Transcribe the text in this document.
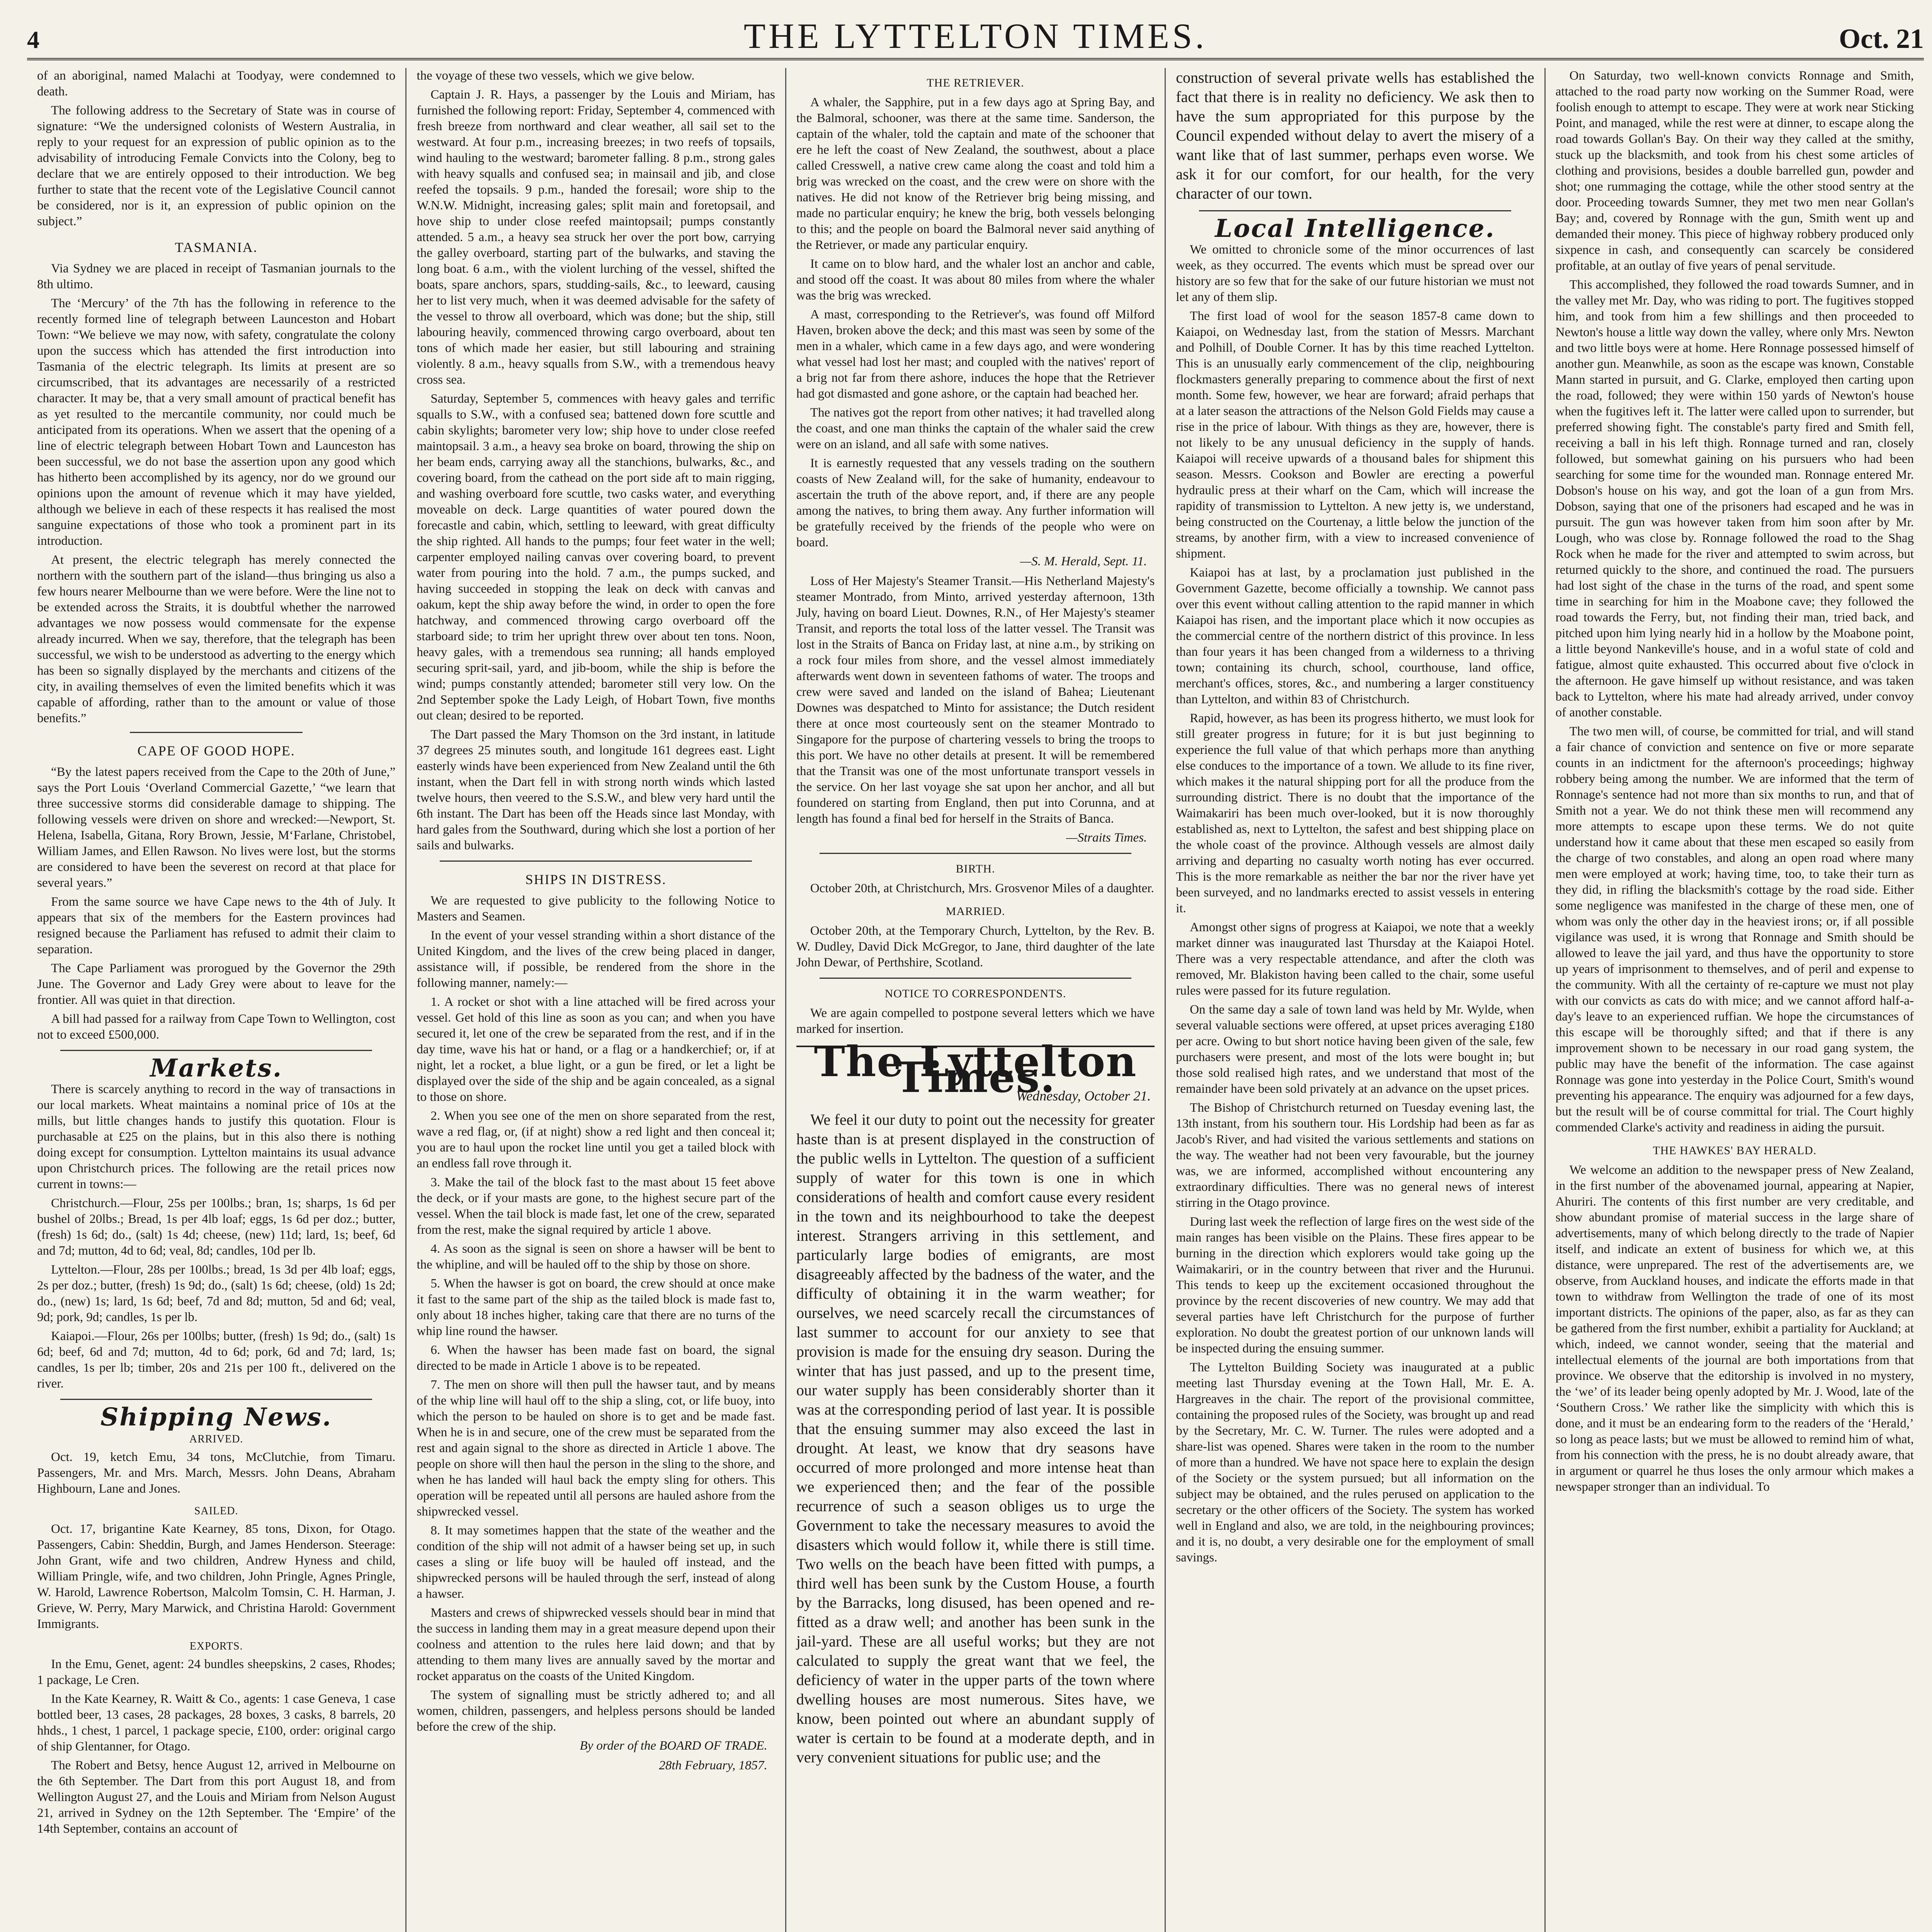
4	THE LYTTELTON TIMES.	Oct. 21

of an aboriginal, named Malachi at Toodyay, were condemned to death.

The following address to the Secretary of State was in course of signature: “We the undersigned colonists of Western Australia, in reply to your request for an expression of public opinion as to the advisability of introducing Female Convicts into the Colony, beg to declare that we are entirely opposed to their introduction. We beg further to state that the recent vote of the Legislative Council cannot be considered, nor is it, an expression of public opinion on the subject.”

TASMANIA.

Via Sydney we are placed in receipt of Tasmanian journals to the 8th ultimo.

The ‘Mercury’ of the 7th has the following in reference to the recently formed line of telegraph between Launceston and Hobart Town: “We believe we may now, with safety, congratulate the colony upon the success which has attended the first introduction into Tasmania of the electric telegraph. Its limits at present are so circumscribed, that its advantages are necessarily of a restricted character. It may be, that a very small amount of practical benefit has as yet resulted to the mercantile community, nor could much be anticipated from its operations. When we assert that the opening of a line of electric telegraph between Hobart Town and Launceston has been successful, we do not base the assertion upon any good which has hitherto been accomplished by its agency, nor do we ground our opinions upon the amount of revenue which it may have yielded, although we believe in each of these respects it has realised the most sanguine expectations of those who took a prominent part in its introduction.

At present, the electric telegraph has merely connected the northern with the southern part of the island—thus bringing us also a few hours nearer Melbourne than we were before. Were the line not to be extended across the Straits, it is doubtful whether the narrowed advantages we now possess would commensate for the expense already incurred. When we say, therefore, that the telegraph has been successful, we wish to be understood as adverting to the energy which has been so signally displayed by the merchants and citizens of the city, in availing themselves of even the limited benefits which it was capable of affording, rather than to the amount or value of those benefits.”

CAPE OF GOOD HOPE.

“By the latest papers received from the Cape to the 20th of June,” says the Port Louis ‘Overland Commercial Gazette,’ “we learn that three successive storms did considerable damage to shipping. The following vessels were driven on shore and wrecked:—Newport, St. Helena, Isabella, Gitana, Rory Brown, Jessie, M‘Farlane, Christobel, William James, and Ellen Rawson. No lives were lost, but the storms are considered to have been the severest on record at that place for several years.”

From the same source we have Cape news to the 4th of July. It appears that six of the members for the Eastern provinces had resigned because the Parliament has refused to admit their claim to separation.

The Cape Parliament was prorogued by the Governor the 29th June. The Governor and Lady Grey were about to leave for the frontier. All was quiet in that direction.

A bill had passed for a railway from Cape Town to Wellington, cost not to exceed £500,000.

Markets.

There is scarcely anything to record in the way of transactions in our local markets. Wheat maintains a nominal price of 10s at the mills, but little changes hands to justify this quotation. Flour is purchasable at £25 on the plains, but in this also there is nothing doing except for consumption. Lyttelton maintains its usual advance upon Christchurch prices. The following are the retail prices now current in towns:—

Christchurch.—Flour, 25s per 100lbs.; bran, 1s; sharps, 1s 6d per bushel of 20lbs.; Bread, 1s per 4lb loaf; eggs, 1s 6d per doz.; butter, (fresh) 1s 6d; do., (salt) 1s 4d; cheese, (new) 11d; lard, 1s; beef, 6d and 7d; mutton, 4d to 6d; veal, 8d; candles, 10d per lb.

Lyttelton.—Flour, 28s per 100lbs.; bread, 1s 3d per 4lb loaf; eggs, 2s per doz.; butter, (fresh) 1s 9d; do., (salt) 1s 6d; cheese, (old) 1s 2d; do., (new) 1s; lard, 1s 6d; beef, 7d and 8d; mutton, 5d and 6d; veal, 9d; pork, 9d; candles, 1s per lb.

Kaiapoi.—Flour, 26s per 100lbs; butter, (fresh) 1s 9d; do., (salt) 1s 6d; beef, 6d and 7d; mutton, 4d to 6d; pork, 6d and 7d; lard, 1s; candles, 1s per lb; timber, 20s and 21s per 100 ft., delivered on the river.

Shipping News.
ARRIVED.

Oct. 19, ketch Emu, 34 tons, McClutchie, from Timaru. Passengers, Mr. and Mrs. March, Messrs. John Deans, Abraham Highbourn, Lane and Jones.

SAILED.

Oct. 17, brigantine Kate Kearney, 85 tons, Dixon, for Otago. Passengers, Cabin: Sheddin, Burgh, and James Henderson. Steerage: John Grant, wife and two children, Andrew Hyness and child, William Pringle, wife, and two children, John Pringle, Agnes Pringle, W. Harold, Lawrence Robertson, Malcolm Tomsin, C. H. Harman, J. Grieve, W. Perry, Mary Marwick, and Christina Harold: Government Immigrants.

EXPORTS.

In the Emu, Genet, agent: 24 bundles sheepskins, 2 cases, Rhodes; 1 package, Le Cren.

In the Kate Kearney, R. Waitt & Co., agents: 1 case Geneva, 1 case bottled beer, 13 cases, 28 packages, 28 boxes, 3 casks, 8 barrels, 20 hhds., 1 chest, 1 parcel, 1 package specie, £100, order: original cargo of ship Glentanner, for Otago.

The Robert and Betsy, hence August 12, arrived in Melbourne on the 6th September. The Dart from this port August 18, and from Wellington August 27, and the Louis and Miriam from Nelson August 21, arrived in Sydney on the 12th September. The ‘Empire’ of the 14th September, contains an account of

the voyage of these two vessels, which we give below.

Captain J. R. Hays, a passenger by the Louis and Miriam, has furnished the following report: Friday, September 4, commenced with fresh breeze from northward and clear weather, all sail set to the westward. At four p.m., increasing breezes; in two reefs of topsails, wind hauling to the westward; barometer falling. 8 p.m., strong gales with heavy squalls and confused sea; in mainsail and jib, and close reefed the topsails. 9 p.m., handed the foresail; wore ship to the W.N.W. Midnight, increasing gales; split main and foretopsail, and hove ship to under close reefed maintopsail; pumps constantly attended. 5 a.m., a heavy sea struck her over the port bow, carrying the galley overboard, starting part of the bulwarks, and staving the long boat. 6 a.m., with the violent lurching of the vessel, shifted the boats, spare anchors, spars, studding-sails, &c., to leeward, causing her to list very much, when it was deemed advisable for the safety of the vessel to throw all overboard, which was done; but the ship, still labouring heavily, commenced throwing cargo overboard, about ten tons of which made her easier, but still labouring and straining violently. 8 a.m., heavy squalls from S.W., with a tremendous heavy cross sea.

Saturday, September 5, commences with heavy gales and terrific squalls to S.W., with a confused sea; battened down fore scuttle and cabin skylights; barometer very low; ship hove to under close reefed maintopsail. 3 a.m., a heavy sea broke on board, throwing the ship on her beam ends, carrying away all the stanchions, bulwarks, &c., and covering board, from the cathead on the port side aft to main rigging, and washing overboard fore scuttle, two casks water, and everything moveable on deck. Large quantities of water poured down the forecastle and cabin, which, settling to leeward, with great difficulty the ship righted. All hands to the pumps; four feet water in the well; carpenter employed nailing canvas over covering board, to prevent water from pouring into the hold. 7 a.m., the pumps sucked, and having succeeded in stopping the leak on deck with canvas and oakum, kept the ship away before the wind, in order to open the fore hatchway, and commenced throwing cargo overboard off the starboard side; to trim her upright threw over about ten tons. Noon, heavy gales, with a tremendous sea running; all hands employed securing sprit-sail, yard, and jib-boom, while the ship is before the wind; pumps constantly attended; barometer still very low. On the 2nd September spoke the Lady Leigh, of Hobart Town, five months out clean; desired to be reported.

The Dart passed the Mary Thomson on the 3rd instant, in latitude 37 degrees 25 minutes south, and longitude 161 degrees east. Light easterly winds have been experienced from New Zealand until the 6th instant, when the Dart fell in with strong north winds which lasted twelve hours, then veered to the S.S.W., and blew very hard until the 6th instant. The Dart has been off the Heads since last Monday, with hard gales from the Southward, during which she lost a portion of her sails and bulwarks.

SHIPS IN DISTRESS.

We are requested to give publicity to the following Notice to Masters and Seamen.

In the event of your vessel stranding within a short distance of the United Kingdom, and the lives of the crew being placed in danger, assistance will, if possible, be rendered from the shore in the following manner, namely:—

1. A rocket or shot with a line attached will be fired across your vessel. Get hold of this line as soon as you can; and when you have secured it, let one of the crew be separated from the rest, and if in the day time, wave his hat or hand, or a flag or a handkerchief; or, if at night, let a rocket, a blue light, or a gun be fired, or let a light be displayed over the side of the ship and be again concealed, as a signal to those on shore.

2. When you see one of the men on shore separated from the rest, wave a red flag, or, (if at night) show a red light and then conceal it; you are to haul upon the rocket line until you get a tailed block with an endless fall rove through it.

3. Make the tail of the block fast to the mast about 15 feet above the deck, or if your masts are gone, to the highest secure part of the vessel. When the tail block is made fast, let one of the crew, separated from the rest, make the signal required by article 1 above.

4. As soon as the signal is seen on shore a hawser will be bent to the whipline, and will be hauled off to the ship by those on shore.

5. When the hawser is got on board, the crew should at once make it fast to the same part of the ship as the tailed block is made fast to, only about 18 inches higher, taking care that there are no turns of the whip line round the hawser.

6. When the hawser has been made fast on board, the signal directed to be made in Article 1 above is to be repeated.

7. The men on shore will then pull the hawser taut, and by means of the whip line will haul off to the ship a sling, cot, or life buoy, into which the person to be hauled on shore is to get and be made fast. When he is in and secure, one of the crew must be separated from the rest and again signal to the shore as directed in Article 1 above. The people on shore will then haul the person in the sling to the shore, and when he has landed will haul back the empty sling for others. This operation will be repeated until all persons are hauled ashore from the shipwrecked vessel.

8. It may sometimes happen that the state of the weather and the condition of the ship will not admit of a hawser being set up, in such cases a sling or life buoy will be hauled off instead, and the shipwrecked persons will be hauled through the serf, instead of along a hawser.

Masters and crews of shipwrecked vessels should bear in mind that the success in landing them may in a great measure depend upon their coolness and attention to the rules here laid down; and that by attending to them many lives are annually saved by the mortar and rocket apparatus on the coasts of the United Kingdom.

The system of signalling must be strictly adhered to; and all women, children, passengers, and helpless persons should be landed before the crew of the ship.

By order of the BOARD OF TRADE.
28th February, 1857.
THE RETRIEVER.

A whaler, the Sapphire, put in a few days ago at Spring Bay, and the Balmoral, schooner, was there at the same time. Sanderson, the captain of the whaler, told the captain and mate of the schooner that ere he left the coast of New Zealand, the southwest, about a place called Cresswell, a native crew came along the coast and told him a brig was wrecked on the coast, and the crew were on shore with the natives. He did not know of the Retriever brig being missing, and made no particular enquiry; he knew the brig, both vessels belonging to this; and the people on board the Balmoral never said anything of the Retriever, or made any particular enquiry.

It came on to blow hard, and the whaler lost an anchor and cable, and stood off the coast. It was about 80 miles from where the whaler was the brig was wrecked.

A mast, corresponding to the Retriever's, was found off Milford Haven, broken above the deck; and this mast was seen by some of the men in a whaler, which came in a few days ago, and were wondering what vessel had lost her mast; and coupled with the natives' report of a brig not far from there ashore, induces the hope that the Retriever had got dismasted and gone ashore, or the captain had beached her.

The natives got the report from other natives; it had travelled along the coast, and one man thinks the captain of the whaler said the crew were on an island, and all safe with some natives.

It is earnestly requested that any vessels trading on the southern coasts of New Zealand will, for the sake of humanity, endeavour to ascertain the truth of the above report, and, if there are any people among the natives, to bring them away. Any further information will be gratefully received by the friends of the people who were on board.

—S. M. Herald, Sept. 11.

Loss of Her Majesty's Steamer Transit.—His Netherland Majesty's steamer Montrado, from Minto, arrived yesterday afternoon, 13th July, having on board Lieut. Downes, R.N., of Her Majesty's steamer Transit, and reports the total loss of the latter vessel. The Transit was lost in the Straits of Banca on Friday last, at nine a.m., by striking on a rock four miles from shore, and the vessel almost immediately afterwards went down in seventeen fathoms of water. The troops and crew were saved and landed on the island of Bahea; Lieutenant Downes was despatched to Minto for assistance; the Dutch resident there at once most courteously sent on the steamer Montrado to Singapore for the purpose of chartering vessels to bring the troops to this port. We have no other details at present. It will be remembered that the Transit was one of the most unfortunate transport vessels in the service. On her last voyage she sat upon her anchor, and all but foundered on starting from England, then put into Corunna, and at length has found a final bed for herself in the Straits of Banca.

—Straits Times.
BIRTH.

October 20th, at Christchurch, Mrs. Grosvenor Miles of a daughter.

MARRIED.

October 20th, at the Temporary Church, Lyttelton, by the Rev. B. W. Dudley, David Dick McGregor, to Jane, third daughter of the late John Dewar, of Perthshire, Scotland.

NOTICE TO CORRESPONDENTS.

We are again compelled to postpone several letters which we have marked for insertion.

The Lyttelton Times.
Wednesday, October 21.

We feel it our duty to point out the necessity for greater haste than is at present displayed in the construction of the public wells in Lyttelton. The question of a sufficient supply of water for this town is one in which considerations of health and comfort cause every resident in the town and its neighbourhood to take the deepest interest. Strangers arriving in this settlement, and particularly large bodies of emigrants, are most disagreeably affected by the badness of the water, and the difficulty of obtaining it in the warm weather; for ourselves, we need scarcely recall the circumstances of last summer to account for our anxiety to see that provision is made for the ensuing dry season. During the winter that has just passed, and up to the present time, our water supply has been considerably shorter than it was at the corresponding period of last year. It is possible that the ensuing summer may also exceed the last in drought. At least, we know that dry seasons have occurred of more prolonged and more intense heat than we experienced then; and the fear of the possible recurrence of such a season obliges us to urge the Government to take the necessary measures to avoid the disasters which would follow it, while there is still time. Two wells on the beach have been fitted with pumps, a third well has been sunk by the Custom House, a fourth by the Barracks, long disused, has been opened and re-fitted as a draw well; and another has been sunk in the jail-yard. These are all useful works; but they are not calculated to supply the great want that we feel, the deficiency of water in the upper parts of the town where dwelling houses are most numerous. Sites have, we know, been pointed out where an abundant supply of water is certain to be found at a moderate depth, and in very convenient situations for public use; and the

construction of several private wells has established the fact that there is in reality no deficiency. We ask then to have the sum appropriated for this purpose by the Council expended without delay to avert the misery of a want like that of last summer, perhaps even worse. We ask it for our comfort, for our health, for the very character of our town.

Local Intelligence.

We omitted to chronicle some of the minor occurrences of last week, as they occurred. The events which must be spread over our history are so few that for the sake of our future historian we must not let any of them slip.

The first load of wool for the season 1857-8 came down to Kaiapoi, on Wednesday last, from the station of Messrs. Marchant and Polhill, of Double Corner. It has by this time reached Lyttelton. This is an unusually early commencement of the clip, neighbouring flockmasters generally preparing to commence about the first of next month. Some few, however, we hear are forward; afraid perhaps that at a later season the attractions of the Nelson Gold Fields may cause a rise in the price of labour. With things as they are, however, there is not likely to be any unusual deficiency in the supply of hands. Kaiapoi will receive upwards of a thousand bales for shipment this season. Messrs. Cookson and Bowler are erecting a powerful hydraulic press at their wharf on the Cam, which will increase the rapidity of transmission to Lyttelton. A new jetty is, we understand, being constructed on the Courtenay, a little below the junction of the streams, by another firm, with a view to increased convenience of shipment.

Kaiapoi has at last, by a proclamation just published in the Government Gazette, become officially a township. We cannot pass over this event without calling attention to the rapid manner in which Kaiapoi has risen, and the important place which it now occupies as the commercial centre of the northern district of this province. In less than four years it has been changed from a wilderness to a thriving town; containing its church, school, courthouse, land office, merchant's offices, stores, &c., and numbering a larger constituency than Lyttelton, and within 83 of Christchurch.

Rapid, however, as has been its progress hitherto, we must look for still greater progress in future; for it is but just beginning to experience the full value of that which perhaps more than anything else conduces to the importance of a town. We allude to its fine river, which makes it the natural shipping port for all the produce from the surrounding district. There is no doubt that the importance of the Waimakariri has been much over-looked, but it is now thoroughly established as, next to Lyttelton, the safest and best shipping place on the whole coast of the province. Although vessels are almost daily arriving and departing no casualty worth noting has ever occurred. This is the more remarkable as neither the bar nor the river have yet been surveyed, and no landmarks erected to assist vessels in entering it.

Amongst other signs of progress at Kaiapoi, we note that a weekly market dinner was inaugurated last Thursday at the Kaiapoi Hotel. There was a very respectable attendance, and after the cloth was removed, Mr. Blakiston having been called to the chair, some useful rules were passed for its future regulation.

On the same day a sale of town land was held by Mr. Wylde, when several valuable sections were offered, at upset prices averaging £180 per acre. Owing to but short notice having been given of the sale, few purchasers were present, and most of the lots were bought in; but those sold realised high rates, and we understand that most of the remainder have been sold privately at an advance on the upset prices.

The Bishop of Christchurch returned on Tuesday evening last, the 13th instant, from his southern tour. His Lordship had been as far as Jacob's River, and had visited the various settlements and stations on the way. The weather had not been very favourable, but the journey was, we are informed, accomplished without encountering any extraordinary difficulties. There was no general news of interest stirring in the Otago province.

During last week the reflection of large fires on the west side of the main ranges has been visible on the Plains. These fires appear to be burning in the direction which explorers would take going up the Waimakariri, or in the country between that river and the Hurunui. This tends to keep up the excitement occasioned throughout the province by the recent discoveries of new country. We may add that several parties have left Christchurch for the purpose of further exploration. No doubt the greatest portion of our unknown lands will be inspected during the ensuing summer.

The Lyttelton Building Society was inaugurated at a public meeting last Thursday evening at the Town Hall, Mr. E. A. Hargreaves in the chair. The report of the provisional committee, containing the proposed rules of the Society, was brought up and read by the Secretary, Mr. C. W. Turner. The rules were adopted and a share-list was opened. Shares were taken in the room to the number of more than a hundred. We have not space here to explain the design of the Society or the system pursued; but all information on the subject may be obtained, and the rules perused on application to the secretary or the other officers of the Society. The system has worked well in England and also, we are told, in the neighbouring provinces; and it is, no doubt, a very desirable one for the employment of small savings.

On Saturday, two well-known convicts Ronnage and Smith, attached to the road party now working on the Summer Road, were foolish enough to attempt to escape. They were at work near Sticking Point, and managed, while the rest were at dinner, to escape along the road towards Gollan's Bay. On their way they called at the smithy, stuck up the blacksmith, and took from his chest some articles of clothing and provisions, besides a double barrelled gun, powder and shot; one rummaging the cottage, while the other stood sentry at the door. Proceeding towards Sumner, they met two men near Gollan's Bay; and, covered by Ronnage with the gun, Smith went up and demanded their money. This piece of highway robbery produced only sixpence in cash, and consequently can scarcely be considered profitable, at an outlay of five years of penal servitude.

This accomplished, they followed the road towards Sumner, and in the valley met Mr. Day, who was riding to port. The fugitives stopped him, and took from him a few shillings and then proceeded to Newton's house a little way down the valley, where only Mrs. Newton and two little boys were at home. Here Ronnage possessed himself of another gun. Meanwhile, as soon as the escape was known, Constable Mann started in pursuit, and G. Clarke, employed then carting upon the road, followed; they were within 150 yards of Newton's house when the fugitives left it. The latter were called upon to surrender, but preferred showing fight. The constable's party fired and Smith fell, receiving a ball in his left thigh. Ronnage turned and ran, closely followed, but somewhat gaining on his pursuers who had been searching for some time for the wounded man. Ronnage entered Mr. Dobson's house on his way, and got the loan of a gun from Mrs. Dobson, saying that one of the prisoners had escaped and he was in pursuit. The gun was however taken from him soon after by Mr. Lough, who was close by. Ronnage followed the road to the Shag Rock when he made for the river and attempted to swim across, but returned quickly to the shore, and continued the road. The pursuers had lost sight of the chase in the turns of the road, and spent some time in searching for him in the Moabone cave; they followed the road towards the Ferry, but, not finding their man, tried back, and pitched upon him lying nearly hid in a hollow by the Moabone point, a little beyond Nankeville's house, and in a woful state of cold and fatigue, almost quite exhausted. This occurred about five o'clock in the afternoon. He gave himself up without resistance, and was taken back to Lyttelton, where his mate had already arrived, under convoy of another constable.

The two men will, of course, be committed for trial, and will stand a fair chance of conviction and sentence on five or more separate counts in an indictment for the afternoon's proceedings; highway robbery being among the number. We are informed that the term of Ronnage's sentence had not more than six months to run, and that of Smith not a year. We do not think these men will recommend any more attempts to escape upon these terms. We do not quite understand how it came about that these men escaped so easily from the charge of two constables, and along an open road where many men were employed at work; having time, too, to take their turn as they did, in rifling the blacksmith's cottage by the road side. Either some negligence was manifested in the charge of these men, one of whom was only the other day in the heaviest irons; or, if all possible vigilance was used, it is wrong that Ronnage and Smith should be allowed to leave the jail yard, and thus have the opportunity to store up years of imprisonment to themselves, and of peril and expense to the community. With all the certainty of re-capture we must not play with our convicts as cats do with mice; and we cannot afford half-a-day's leave to an experienced ruffian. We hope the circumstances of this escape will be thoroughly sifted; and that if there is any improvement shown to be necessary in our road gang system, the public may have the benefit of the information. The case against Ronnage was gone into yesterday in the Police Court, Smith's wound preventing his appearance. The enquiry was adjourned for a few days, but the result will be of course committal for trial. The Court highly commended Clarke's activity and readiness in aiding the pursuit.

THE HAWKES' BAY HERALD.

We welcome an addition to the newspaper press of New Zealand, in the first number of the abovenamed journal, appearing at Napier, Ahuriri. The contents of this first number are very creditable, and show abundant promise of material success in the large share of advertisements, many of which belong directly to the trade of Napier itself, and indicate an extent of business for which we, at this distance, were unprepared. The rest of the advertisements are, we observe, from Auckland houses, and indicate the efforts made in that town to withdraw from Wellington the trade of one of its most important districts. The opinions of the paper, also, as far as they can be gathered from the first number, exhibit a partiality for Auckland; at which, indeed, we cannot wonder, seeing that the material and intellectual elements of the journal are both importations from that province. We observe that the editorship is involved in no mystery, the ‘we’ of its leader being openly adopted by Mr. J. Wood, late of the ‘Southern Cross.’ We rather like the simplicity with which this is done, and it must be an endearing form to the readers of the ‘Herald,’ so long as peace lasts; but we must be allowed to remind him of what, from his connection with the press, he is no doubt already aware, that in argument or quarrel he thus loses the only armour which makes a newspaper stronger than an individual. To
